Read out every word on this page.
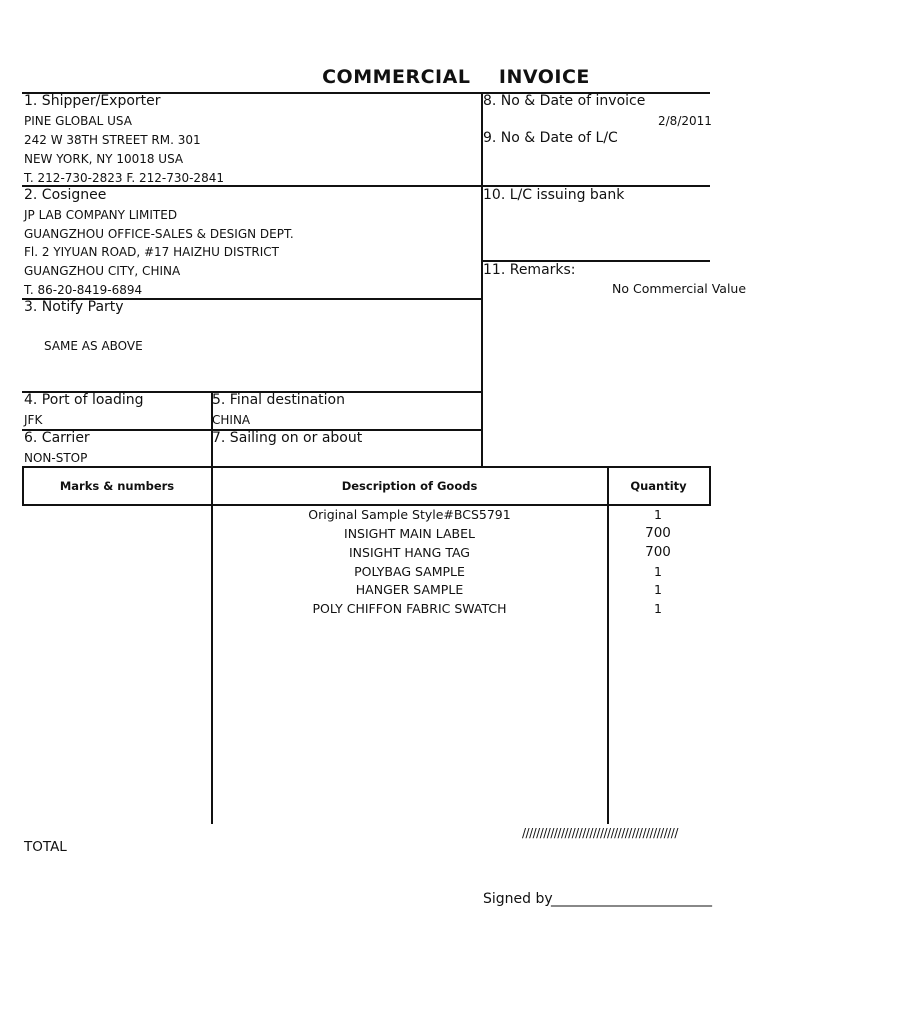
COMMERCIAL    INVOICE
1. Shipper/Exporter
PINE GLOBAL USA
242 W 38TH STREET RM. 301
NEW YORK, NY 10018 USA
T. 212-730-2823 F. 212-730-2841
8. No & Date of invoice
2/8/2011
9. No & Date of L/C
2. Cosignee
JP LAB COMPANY LIMITED
GUANGZHOU OFFICE-SALES & DESIGN DEPT.
Fl. 2 YIYUAN ROAD, #17 HAIZHU DISTRICT
GUANGZHOU CITY, CHINA
T. 86-20-8419-6894
10. L/C issuing bank
11. Remarks:
No Commercial Value
3. Notify Party
SAME AS ABOVE
4. Port of loading
JFK
5. Final destination
CHINA
6. Carrier
NON-STOP
7. Sailing on or about
Marks & numbers	Description of Goods	Quantity
Original Sample Style#BCS5791	1
INSIGHT MAIN LABEL	700
INSIGHT HANG TAG	700
POLYBAG SAMPLE	1
HANGER SAMPLE	1
POLY CHIFFON FABRIC SWATCH	1
TOTAL
////////////////////////////////////////////
Signed by
_______________________
